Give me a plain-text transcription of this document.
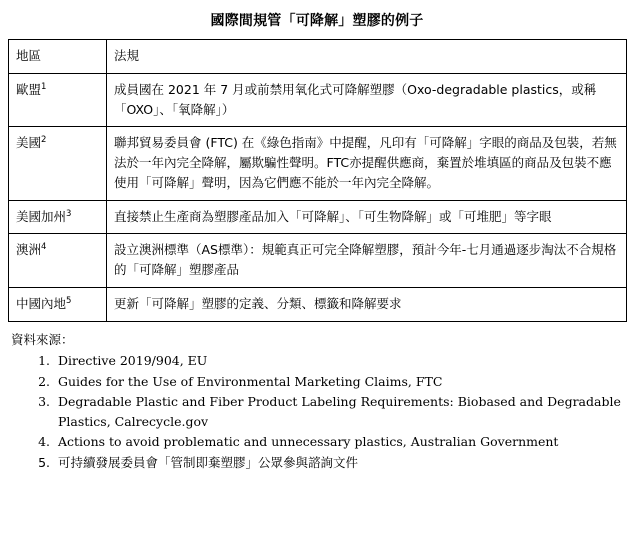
國際間規管「可降解」塑膠的例子
地區	法規
歐盟$^1$	成員國在 2021 年 7 月或前禁用氧化式可降解塑膠（Oxo-degradable plastics，或稱「OXO」、「氧降解」）
美國$^2$	聯邦貿易委員會 (FTC) 在《綠色指南》中提醒，凡印有「可降解」字眼的商品及包裝，若無法於一年內完全降解，屬欺騙性聲明。FTC亦提醒供應商，棄置於堆填區的商品及包裝不應使用「可降解」聲明，因為它們應不能於一年內完全降解。
美國加州$^3$	直接禁止生產商為塑膠產品加入「可降解」、「可生物降解」或「可堆肥」等字眼
澳洲$^4$	設立澳洲標準（AS標準）：規範真正可完全降解塑膠，預計今年-七月通過逐步淘汰不合規格的「可降解」塑膠產品
中國內地$^5$	更新「可降解」塑膠的定義、分類、標籤和降解要求
資料來源：
1. Directive 2019/904, EU
2. Guides for the Use of Environmental Marketing Claims, FTC
3. Degradable Plastic and Fiber Product Labeling Requirements: Biobased and Degradable Plastics, Calrecycle.gov
4. Actions to avoid problematic and unnecessary plastics, Australian Government
5. 可持續發展委員會「管制即棄塑膠」公眾參與諮詢文件
